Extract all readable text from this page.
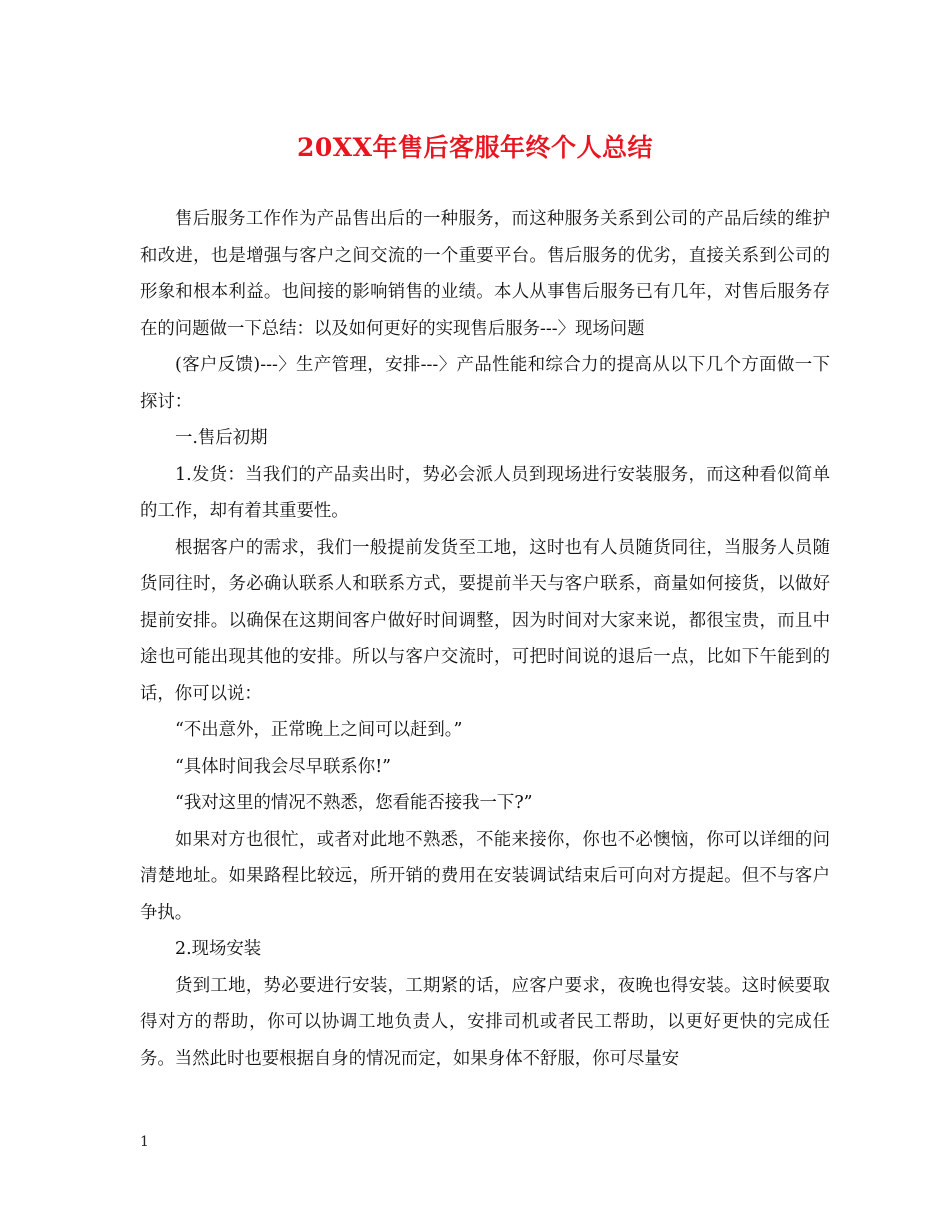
20XX年售后客服年终个人总结

售后服务工作作为产品售出后的一种服务，而这种服务关系到公司的产品后续的维护和改进，也是增强与客户之间交流的一个重要平台。售后服务的优劣，直接关系到公司的形象和根本利益。也间接的影响销售的业绩。本人从事售后服务已有几年，对售后服务存在的问题做一下总结：以及如何更好的实现售后服务---〉现场问题

(客户反馈)---〉生产管理，安排---〉产品性能和综合力的提高从以下几个方面做一下探讨：

一.售后初期

1.发货：当我们的产品卖出时，势必会派人员到现场进行安装服务，而这种看似简单的工作，却有着其重要性。

根据客户的需求，我们一般提前发货至工地，这时也有人员随货同往，当服务人员随货同往时，务必确认联系人和联系方式，要提前半天与客户联系，商量如何接货，以做好提前安排。以确保在这期间客户做好时间调整，因为时间对大家来说，都很宝贵，而且中途也可能出现其他的安排。所以与客户交流时，可把时间说的退后一点，比如下午能到的话，你可以说：

“不出意外，正常晚上之间可以赶到。”

“具体时间我会尽早联系你!”

“我对这里的情况不熟悉，您看能否接我一下?”

如果对方也很忙，或者对此地不熟悉，不能来接你，你也不必懊恼，你可以详细的问清楚地址。如果路程比较远，所开销的费用在安装调试结束后可向对方提起。但不与客户争执。

2.现场安装

货到工地，势必要进行安装，工期紧的话，应客户要求，夜晚也得安装。这时候要取得对方的帮助，你可以协调工地负责人，安排司机或者民工帮助，以更好更快的完成任务。当然此时也要根据自身的情况而定，如果身体不舒服，你可尽量安

1
